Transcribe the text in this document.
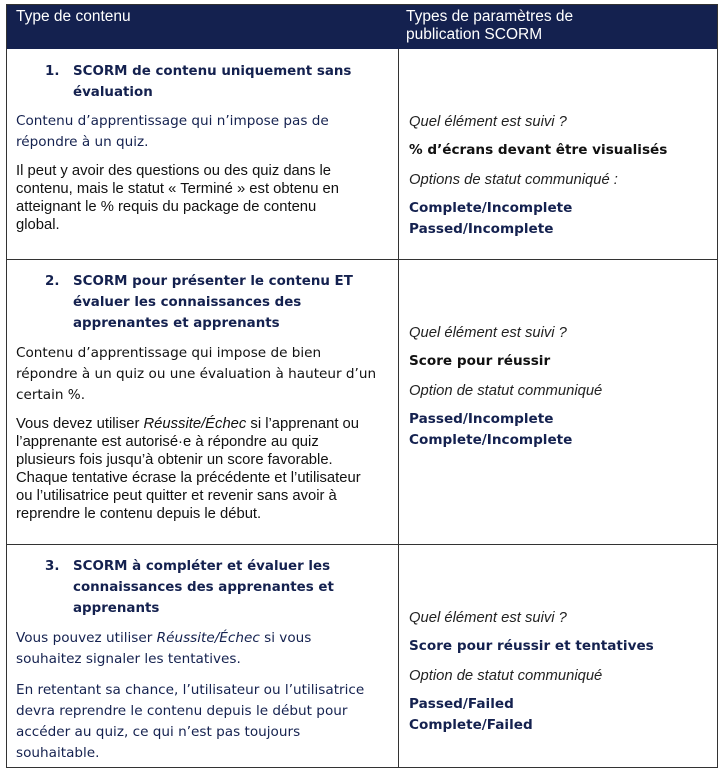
Type de contenu	Types de paramètres de
publication SCORM
1. SCORM de contenu uniquement sans
évaluation
Contenu d’apprentissage qui n’impose pas de
répondre à un quiz.
Il peut y avoir des questions ou des quiz dans le
contenu, mais le statut « Terminé » est obtenu en
atteignant le % requis du package de contenu
global.
Quel élément est suivi ?
% d’écrans devant être visualisés
Options de statut communiqué :
Complete/Incomplete
Passed/Incomplete
2. SCORM pour présenter le contenu ET
évaluer les connaissances des
apprenantes et apprenants
Contenu d’apprentissage qui impose de bien
répondre à un quiz ou une évaluation à hauteur d’un
certain %.
Vous devez utiliser Réussite/Échec si l’apprenant ou
l’apprenante est autorisé·e à répondre au quiz
plusieurs fois jusqu’à obtenir un score favorable.
Chaque tentative écrase la précédente et l’utilisateur
ou l’utilisatrice peut quitter et revenir sans avoir à
reprendre le contenu depuis le début.
Quel élément est suivi ?
Score pour réussir
Option de statut communiqué
Passed/Incomplete
Complete/Incomplete
3. SCORM à compléter et évaluer les
connaissances des apprenantes et
apprenants
Vous pouvez utiliser Réussite/Échec si vous
souhaitez signaler les tentatives.
En retentant sa chance, l’utilisateur ou l’utilisatrice
devra reprendre le contenu depuis le début pour
accéder au quiz, ce qui n’est pas toujours
souhaitable.
Quel élément est suivi ?
Score pour réussir et tentatives
Option de statut communiqué
Passed/Failed
Complete/Failed
